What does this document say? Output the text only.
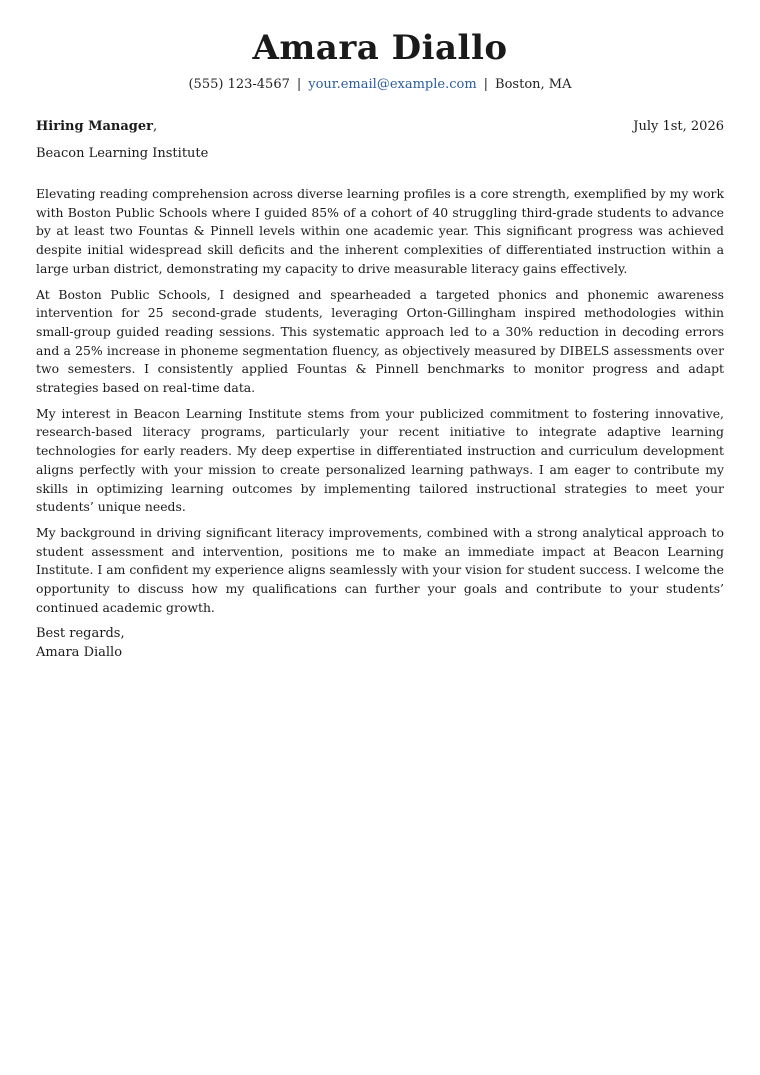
Amara Diallo
(555) 123-4567 | your.email@example.com | Boston, MA
Hiring Manager,	July 1st, 2026
Beacon Learning Institute

Elevating reading comprehension across diverse learning profiles is a core strength, exemplified by my work with Boston Public Schools where I guided 85% of a cohort of 40 struggling third-grade students to advance by at least two Fountas & Pinnell levels within one academic year. This significant progress was achieved despite initial widespread skill deficits and the inherent complexities of differentiated instruction within a large urban district, demonstrating my capacity to drive measurable literacy gains effectively.

At Boston Public Schools, I designed and spearheaded a targeted phonics and phonemic awareness intervention for 25 second-grade students, leveraging Orton-Gillingham inspired methodologies within small-group guided reading sessions. This systematic approach led to a 30% reduction in decoding errors and a 25% increase in phoneme segmentation fluency, as objectively measured by DIBELS assessments over two semesters. I consistently applied Fountas & Pinnell benchmarks to monitor progress and adapt strategies based on real-time data.

My interest in Beacon Learning Institute stems from your publicized commitment to fostering innovative, research-based literacy programs, particularly your recent initiative to integrate adaptive learning technologies for early readers. My deep expertise in differentiated instruction and curriculum development aligns perfectly with your mission to create personalized learning pathways. I am eager to contribute my skills in optimizing learning outcomes by implementing tailored instructional strategies to meet your students’ unique needs.

My background in driving significant literacy improvements, combined with a strong analytical approach to student assessment and intervention, positions me to make an immediate impact at Beacon Learning Institute. I am confident my experience aligns seamlessly with your vision for student success. I welcome the opportunity to discuss how my qualifications can further your goals and contribute to your students’ continued academic growth.

Best regards,
Amara Diallo
